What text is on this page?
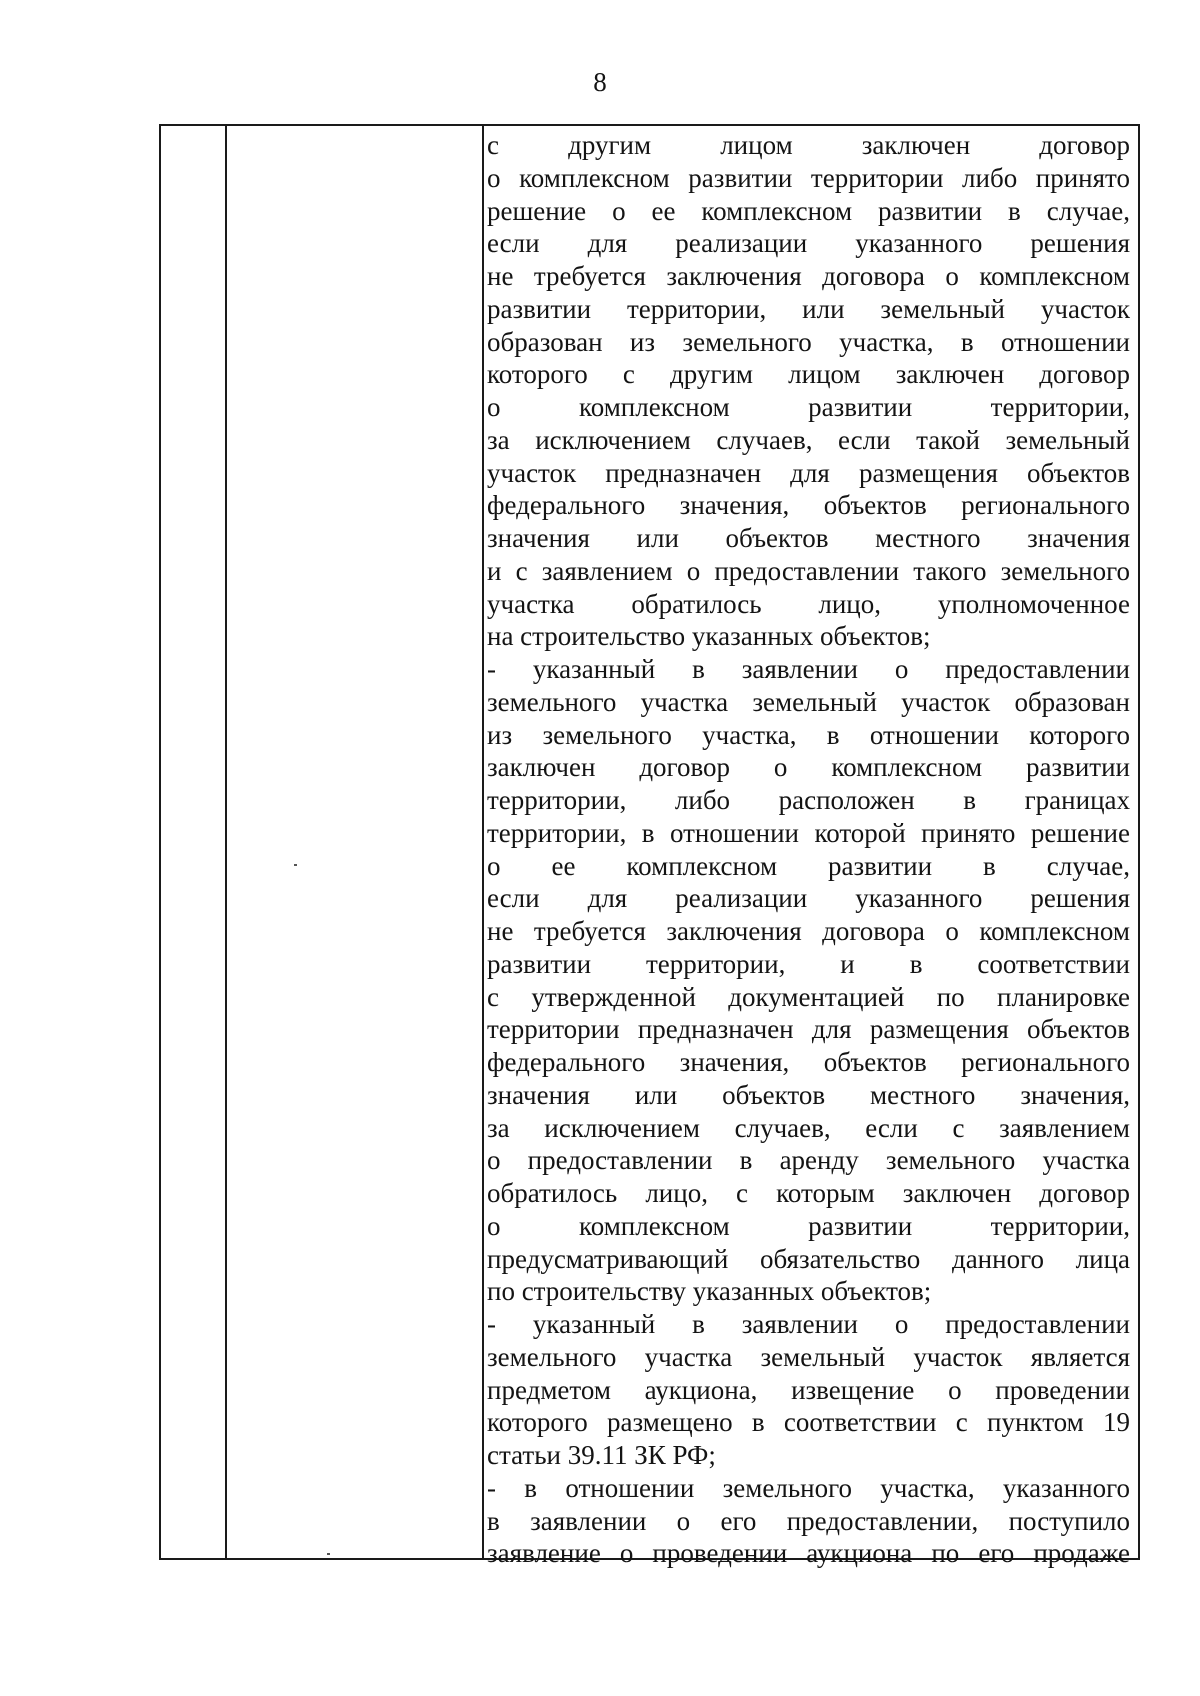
8
с другим лицом заключен договор
о комплексном развитии территории либо принято
решение о ее комплексном развитии в случае,
если для реализации указанного решения
не требуется заключения договора о комплексном
развитии территории, или земельный участок
образован из земельного участка, в отношении
которого с другим лицом заключен договор
о комплексном развитии территории,
за исключением случаев, если такой земельный
участок предназначен для размещения объектов
федерального значения, объектов регионального
значения или объектов местного значения
и с заявлением о предоставлении такого земельного
участка обратилось лицо, уполномоченное
на строительство указанных объектов;
- указанный в заявлении о предоставлении
земельного участка земельный участок образован
из земельного участка, в отношении которого
заключен договор о комплексном развитии
территории, либо расположен в границах
территории, в отношении которой принято решение
о ее комплексном развитии в случае,
если для реализации указанного решения
не требуется заключения договора о комплексном
развитии территории, и в соответствии
с утвержденной документацией по планировке
территории предназначен для размещения объектов
федерального значения, объектов регионального
значения или объектов местного значения,
за исключением случаев, если с заявлением
о предоставлении в аренду земельного участка
обратилось лицо, с которым заключен договор
о комплексном развитии территории,
предусматривающий обязательство данного лица
по строительству указанных объектов;
- указанный в заявлении о предоставлении
земельного участка земельный участок является
предметом аукциона, извещение о проведении
которого размещено в соответствии с пунктом 19
статьи 39.11 ЗК РФ;
- в отношении земельного участка, указанного
в заявлении о его предоставлении, поступило
заявление о проведении аукциона по его продаже
